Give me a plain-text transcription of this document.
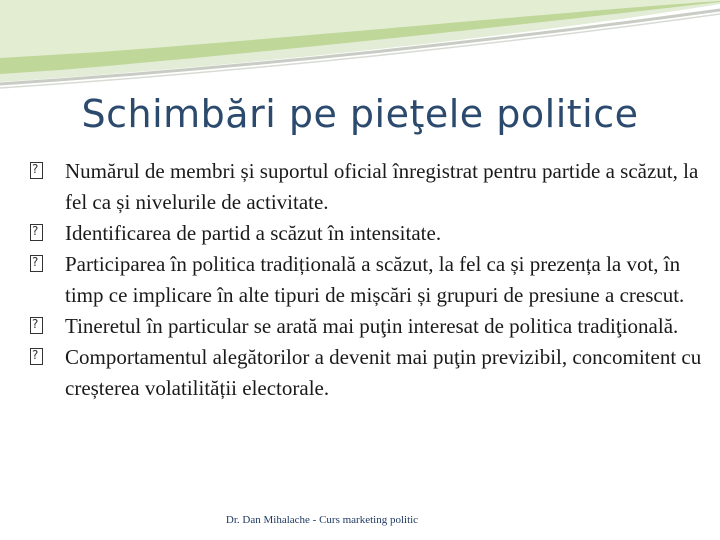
Schimbări pe pieţele politice
?
Numărul de membri și suportul oficial înregistrat pentru partide a scăzut, la fel ca și nivelurile de activitate.
?
Identificarea de partid a scăzut în intensitate.
?
Participarea în politica tradițională a scăzut, la fel ca și prezența la vot, în timp ce implicare în alte tipuri de mișcări și grupuri de presiune a crescut.
?
Tineretul în particular se arată mai puţin interesat de politica tradiţională.
?
Comportamentul alegătorilor a devenit mai puţin previzibil, concomitent cu creșterea volatilității electorale.
Dr. Dan Mihalache - Curs marketing politic
